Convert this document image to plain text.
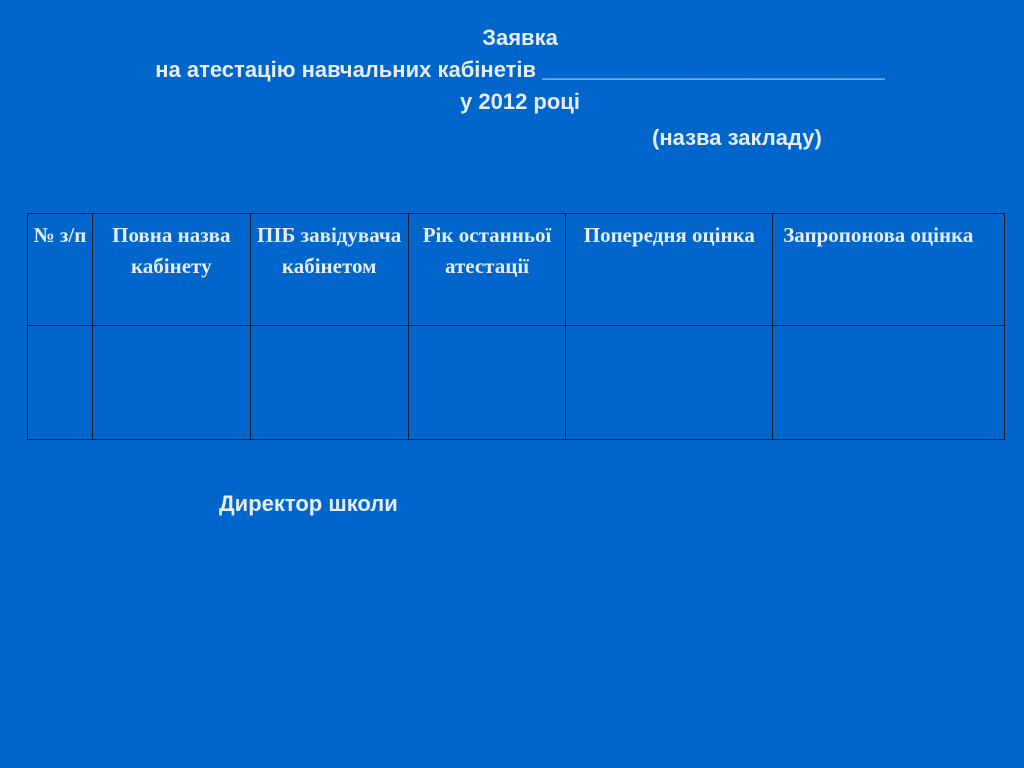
Заявка
на атестацію навчальних кабінетів ____________________________
у 2012 році
(назва закладу)
№ з/п	Повна назва кабінету	ПІБ завідувача кабінетом	Рік останньої атестації	Попередня оцінка	Запропонова оцінка

Директор школи
